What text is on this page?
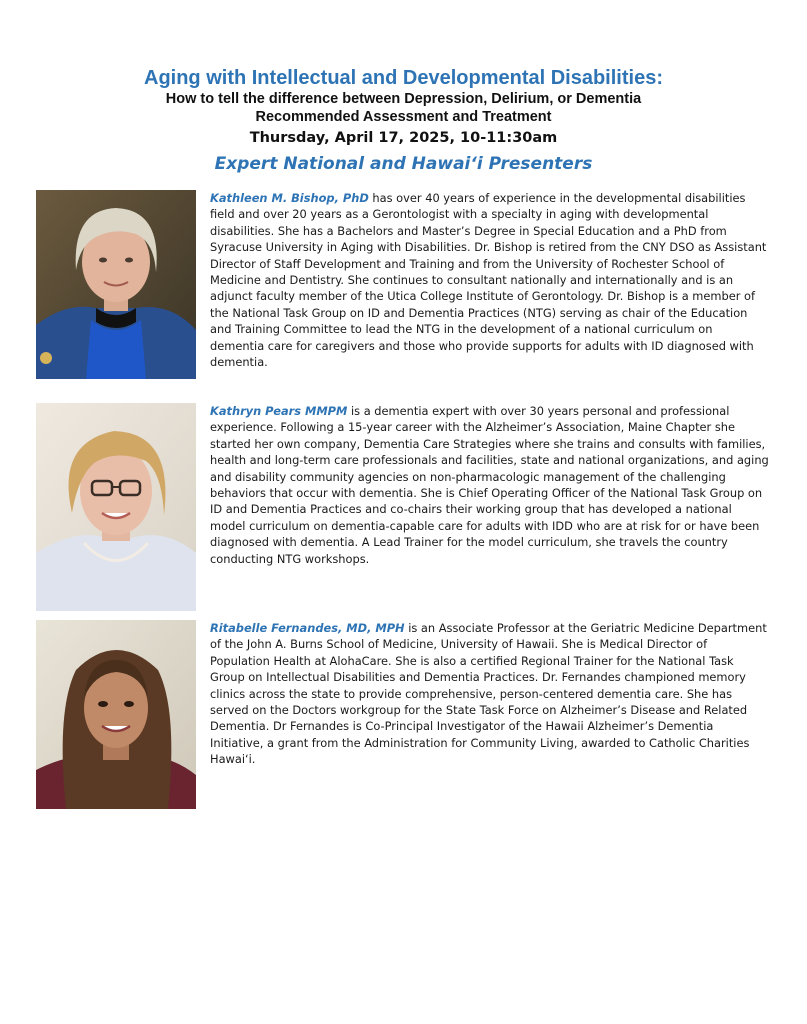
Aging with Intellectual and Developmental Disabilities:

How to tell the difference between Depression, Delirium, or Dementia

Recommended Assessment and Treatment

Thursday, April 17, 2025, 10-11:30am

Expert National and Hawai‘i Presenters

Kathleen M. Bishop, PhD has over 40 years of experience in the developmental disabilities field and over 20 years as a Gerontologist with a specialty in aging with developmental disabilities. She has a Bachelors and Master’s Degree in Special Education and a PhD from Syracuse University in Aging with Disabilities. Dr. Bishop is retired from the CNY DSO as Assistant Director of Staff Development and Training and from the University of Rochester School of Medicine and Dentistry. She continues to consultant nationally and internationally and is an adjunct faculty member of the Utica College Institute of Gerontology. Dr. Bishop is a member of the National Task Group on ID and Dementia Practices (NTG) serving as chair of the Education and Training Committee to lead the NTG in the development of a national curriculum on dementia care for caregivers and those who provide supports for adults with ID diagnosed with dementia.

Kathryn Pears MMPM is a dementia expert with over 30 years personal and professional experience. Following a 15-year career with the Alzheimer’s Association, Maine Chapter she started her own company, Dementia Care Strategies where she trains and consults with families, health and long-term care professionals and facilities, state and national organizations, and aging and disability community agencies on non-pharmacologic management of the challenging behaviors that occur with dementia. She is Chief Operating Officer of the National Task Group on ID and Dementia Practices and co-chairs their working group that has developed a national model curriculum on dementia-capable care for adults with IDD who are at risk for or have been diagnosed with dementia. A Lead Trainer for the model curriculum, she travels the country conducting NTG workshops.

Ritabelle Fernandes, MD, MPH is an Associate Professor at the Geriatric Medicine Department of the John A. Burns School of Medicine, University of Hawaii. She is Medical Director of Population Health at AlohaCare. She is also a certified Regional Trainer for the National Task Group on Intellectual Disabilities and Dementia Practices. Dr. Fernandes championed memory clinics across the state to provide comprehensive, person-centered dementia care. She has served on the Doctors workgroup for the State Task Force on Alzheimer’s Disease and Related Dementia. Dr Fernandes is Co-Principal Investigator of the Hawaii Alzheimer’s Dementia Initiative, a grant from the Administration for Community Living, awarded to Catholic Charities Hawai‘i.
